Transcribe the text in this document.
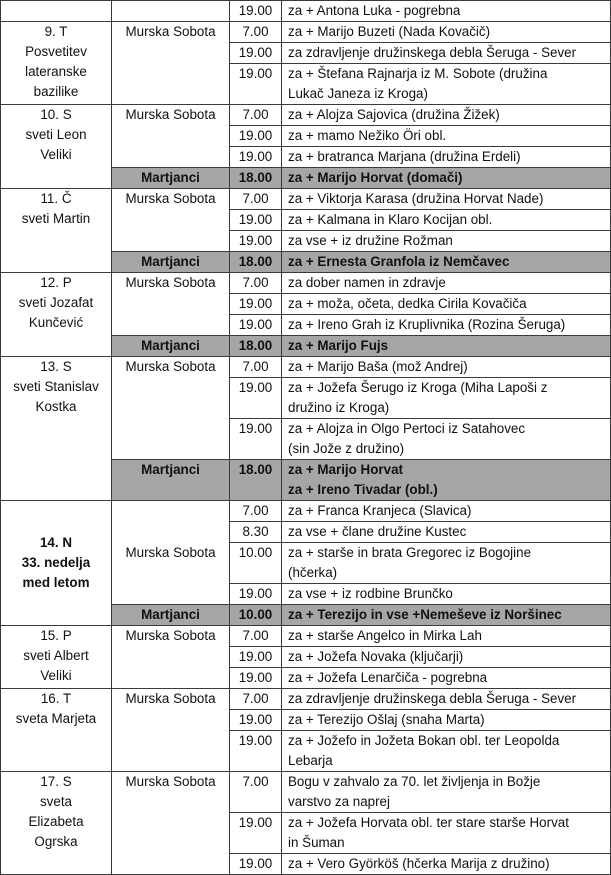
		19.00	za + Antona Luka - pogrebna

9. T
Posvetitev
lateranske
bazilike	Murska Sobota	7.00	za + Marijo Buzeti (Nada Kovačič)
		19.00	za zdravljenje družinskega debla Šeruga - Sever
		19.00	za + Štefana Rajnarja iz M. Sobote (družina
Lukač Janeza iz Kroga)

10. S
sveti Leon
Veliki	Murska Sobota	7.00	za + Alojza Sajovica (družina Žižek)
		19.00	za + mamo Nežiko Öri obl.
		19.00	za + bratranca Marjana (družina Erdeli)
	Martjanci	18.00	za + Marijo Horvat (domači)

11. Č
sveti Martin	Murska Sobota	7.00	za + Viktorja Karasa (družina Horvat Nade)
		19.00	za + Kalmana in Klaro Kocijan obl.
		19.00	za vse + iz družine Rožman
	Martjanci	18.00	za + Ernesta Granfola iz Nemčavec

12. P
sveti Jozafat
Kunčević	Murska Sobota	7.00	za dober namen in zdravje
		19.00	za + moža, očeta, dedka Cirila Kovačiča
		19.00	za + Ireno Grah iz Kruplivnika (Rozina Šeruga)
	Martjanci	18.00	za + Marijo Fujs

13. S
sveti Stanislav
Kostka	Murska Sobota	7.00	za + Marijo Baša (mož Andrej)
		19.00	za + Jožefa Šerugo iz Kroga (Miha Lapoši z
družino iz Kroga)

		19.00	za + Alojza in Olgo Pertoci iz Satahovec
(sin Jože z družino)

	Martjanci	18.00	za + Marijo Horvat
za + Ireno Tivadar (obl.)

14. N
33. nedelja
med letom	Murska Sobota	7.00	za + Franca Kranjeca (Slavica)
		8.30	za vse + člane družine Kustec
		10.00	za + starše in brata Gregorec iz Bogojine
(hčerka)

		19.00	za vse + iz rodbine Brunčko
	Martjanci	10.00	za + Terezijo in vse +Nemeševe iz Noršinec

15. P
sveti Albert
Veliki	Murska Sobota	7.00	za + starše Angelco in Mirka Lah
		19.00	za + Jožefa Novaka (ključarji)
		19.00	za + Jožefa Lenarčiča - pogrebna

16. T
sveta Marjeta	Murska Sobota	7.00	za zdravljenje družinskega debla Šeruga - Sever
		19.00	za + Terezijo Ošlaj (snaha Marta)
		19.00	za + Jožefo in Jožeta Bokan obl. ter Leopolda
Lebarja

17. S
sveta
Elizabeta
Ogrska	Murska Sobota	7.00	Bogu v zahvalo za 70. let življenja in Božje
varstvo za naprej

		19.00	za + Jožefa Horvata obl. ter stare starše Horvat
in Šuman

		19.00	za + Vero Györköš (hčerka Marija z družino)
